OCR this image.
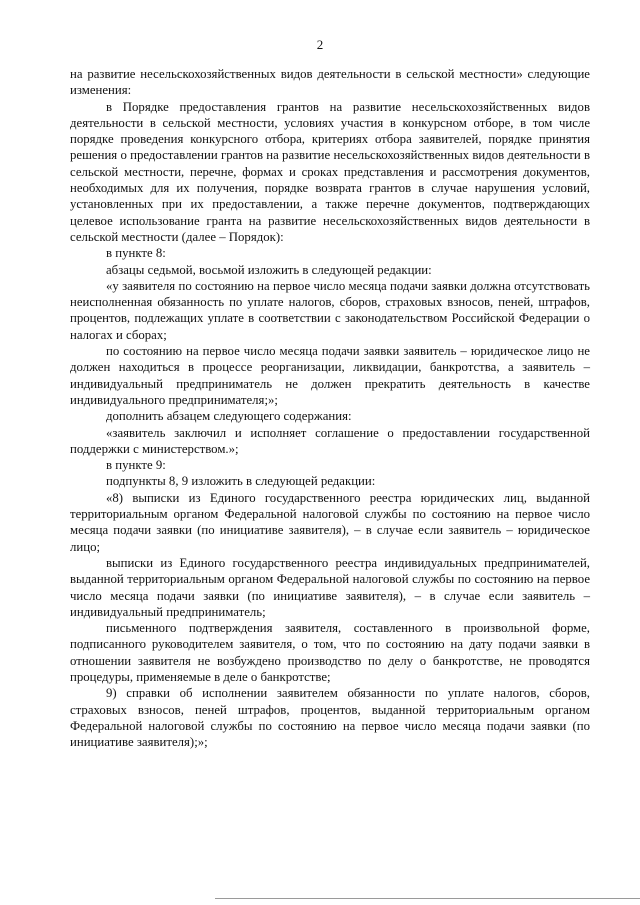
2

на развитие несельскохозяйственных видов деятельности в сельской местности» следующие изменения:

в Порядке предоставления грантов на развитие несельскохозяйственных видов деятельности в сельской местности, условиях участия в конкурсном отборе, в том числе порядке проведения конкурсного отбора, критериях отбора заявителей, порядке принятия решения о предоставлении грантов на развитие несельскохозяйственных видов деятельности в сельской местности, перечне, формах и сроках представления и рассмотрения документов, необходимых для их получения, порядке возврата грантов в случае нарушения условий, установленных при их предоставлении, а также перечне документов, подтверждающих целевое использование гранта на развитие несельскохозяйственных видов деятельности в сельской местности (далее – Порядок):

в пункте 8:

абзацы седьмой, восьмой изложить в следующей редакции:

«у заявителя по состоянию на первое число месяца подачи заявки должна отсутствовать неисполненная обязанность по уплате налогов, сборов, страховых взносов, пеней, штрафов, процентов, подлежащих уплате в соответствии с законодательством Российской Федерации о налогах и сборах;

по состоянию на первое число месяца подачи заявки заявитель – юридическое лицо не должен находиться в процессе реорганизации, ликвидации, банкротства, а заявитель – индивидуальный предприниматель не должен прекратить деятельность в качестве индивидуального предпринимателя;»;

дополнить абзацем следующего содержания:

«заявитель заключил и исполняет соглашение о предоставлении государственной поддержки с министерством.»;

в пункте 9:

подпункты 8, 9 изложить в следующей редакции:

«8) выписки из Единого государственного реестра юридических лиц, выданной территориальным органом Федеральной налоговой службы по состоянию на первое число месяца подачи заявки (по инициативе заявителя), – в случае если заявитель – юридическое лицо;

выписки из Единого государственного реестра индивидуальных предпринимателей, выданной территориальным органом Федеральной налоговой службы по состоянию на первое число месяца подачи заявки (по инициативе заявителя), – в случае если заявитель – индивидуальный предприниматель;

письменного подтверждения заявителя, составленного в произвольной форме, подписанного руководителем заявителя, о том, что по состоянию на дату подачи заявки в отношении заявителя не возбуждено производство по делу о банкротстве, не проводятся процедуры, применяемые в деле о банкротстве;

9) справки об исполнении заявителем обязанности по уплате налогов, сборов, страховых взносов, пеней штрафов, процентов, выданной территориальным органом Федеральной налоговой службы по состоянию на первое число месяца подачи заявки (по инициативе заявителя);»;
